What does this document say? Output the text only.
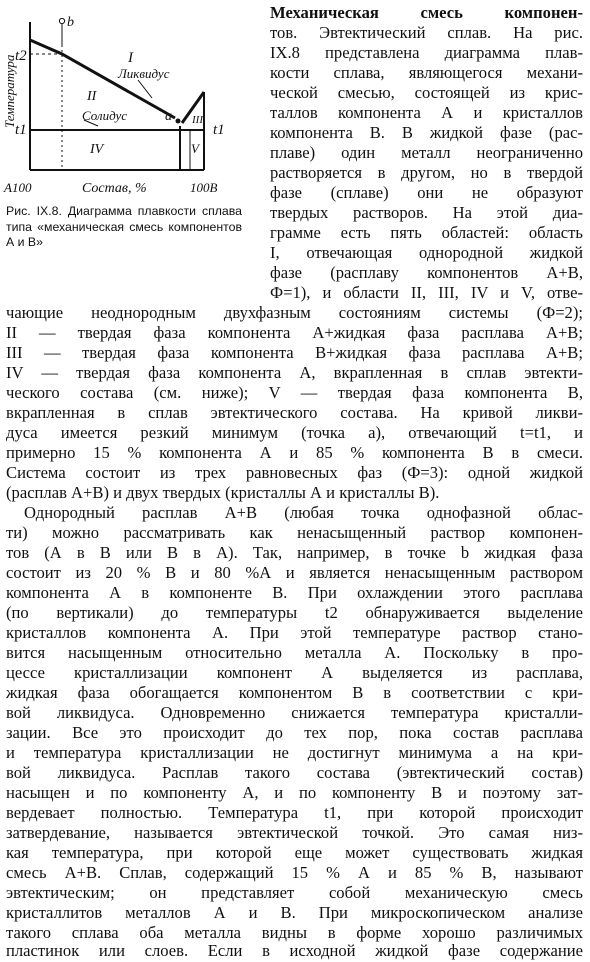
Температура
t2
t1	t1
b
a
I
Ликвидус
II
Солидус	III
IV	V
A100	Состав, %	100B
Рис. IX.8. Диаграмма плавкости сплава типа «механическая смесь компонентов А и В»
Механическая смесь компонен-
тов. Эвтектический сплав. На рис.
IX.8 представлена диаграмма плав-
кости сплава, являющегося механи-
ческой смесью, состоящей из крис-
таллов компонента А и кристаллов
компонента В. В жидкой фазе (рас-
плаве) один металл неограниченно
растворяется в другом, но в твердой
фазе (сплаве) они не образуют
твердых растворов. На этой диа-
грамме есть пять областей: область
I, отвечающая однородной жидкой
фазе (расплаву компонентов А+В,
Ф=1), и области II, III, IV и V, отве-
чающие неоднородным двухфазным состояниям системы (Ф=2);
II — твердая фаза компонента А+жидкая фаза расплава А+В;
III — твердая фаза компонента В+жидкая фаза расплава А+В;
IV — твердая фаза компонента А, вкрапленная в сплав эвтекти-
ческого состава (см. ниже); V — твердая фаза компонента В,
вкрапленная в сплав эвтектического состава. На кривой ликви-
дуса имеется резкий минимум (точка a), отвечающий t=t1, и
примерно 15 % компонента А и 85 % компонента В в смеси.
Система состоит из трех равновесных фаз (Ф=3): одной жидкой
(расплав А+В) и двух твердых (кристаллы А и кристаллы В).
Однородный расплав А+В (любая точка однофазной облас-
ти) можно рассматривать как ненасыщенный раствор компонен-
тов (А в В или В в А). Так, например, в точке b жидкая фаза
состоит из 20 % В и 80 %А и является ненасыщенным раствором
компонента А в компоненте В. При охлаждении этого расплава
(по вертикали) до температуры t2 обнаруживается выделение
кристаллов компонента А. При этой температуре раствор стано-
вится насыщенным относительно металла А. Поскольку в про-
цессе кристаллизации компонент А выделяется из расплава,
жидкая фаза обогащается компонентом В в соответствии с кри-
вой ликвидуса. Одновременно снижается температура кристалли-
зации. Все это происходит до тех пор, пока состав расплава
и температура кристаллизации не достигнут минимума a на кри-
вой ликвидуса. Расплав такого состава (эвтектический состав)
насыщен и по компоненту А, и по компоненту В и поэтому зат-
вердевает полностью. Температура t1, при которой происходит
затвердевание, называется эвтектической точкой. Это самая низ-
кая температура, при которой еще может существовать жидкая
смесь А+В. Сплав, содержащий 15 % А и 85 % В, называют
эвтектическим; он представляет собой механическую смесь
кристаллитов металлов А и В. При микроскопическом анализе
такого сплава оба металла видны в форме хорошо различимых
пластинок или слоев. Если в исходной жидкой фазе содержание
